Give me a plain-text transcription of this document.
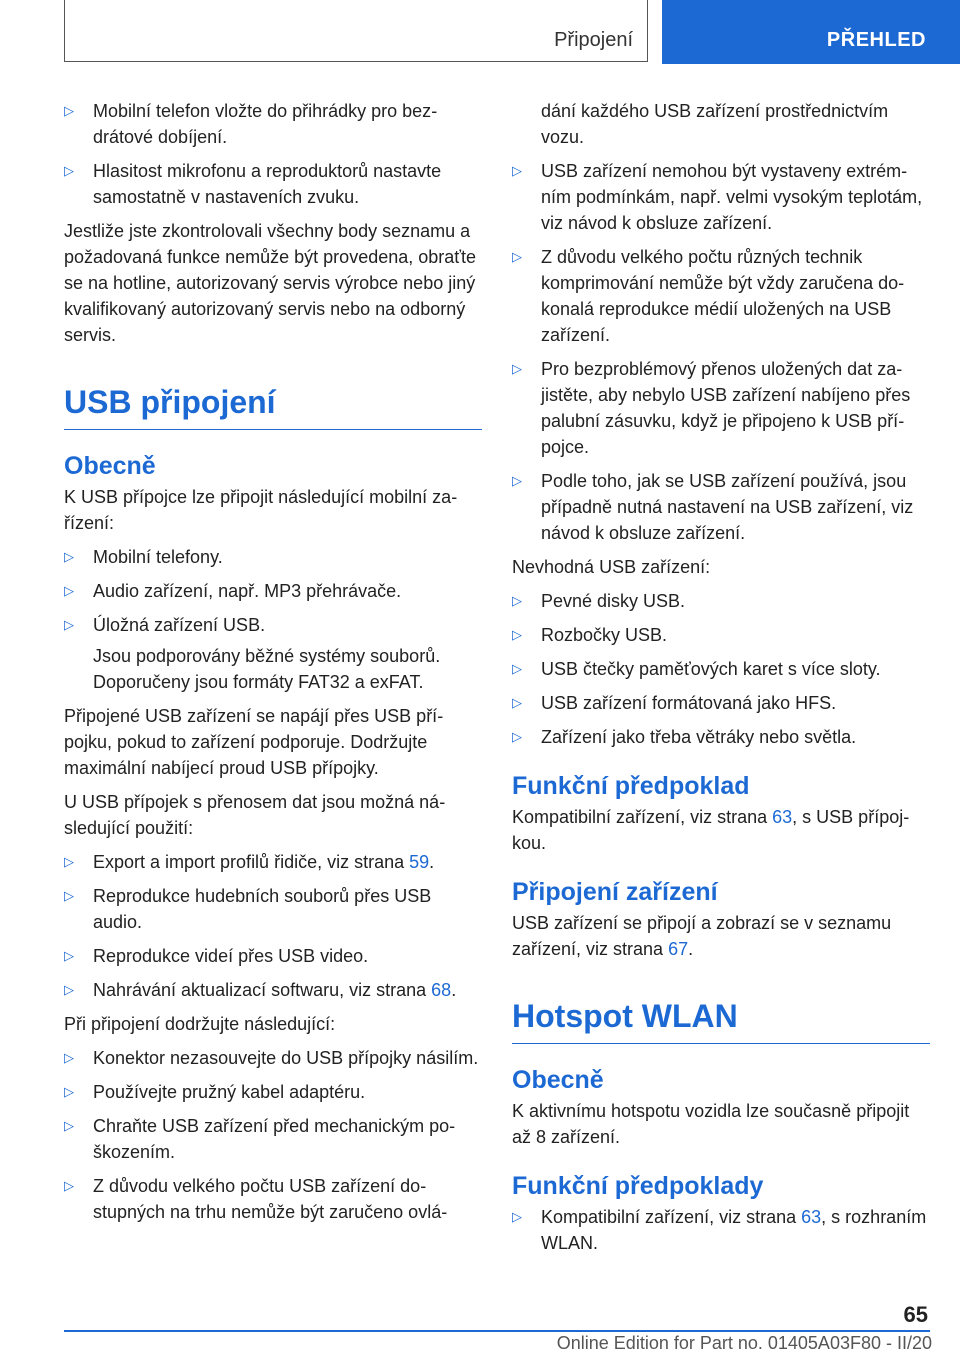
Připojení	PŘEHLED
▷ Mobilní telefon vložte do přihrádky pro bezdrátové dobíjení.
▷ Hlasitost mikrofonu a reproduktorů nastavte samostatně v nastaveních zvuku.

Jestliže jste zkontrolovali všechny body seznamu a požadovaná funkce nemůže být provedena, obraťte se na hotline, autorizovaný servis výrobce nebo jiný kvalifikovaný autorizovaný servis nebo na odborný servis.

USB připojení
Obecně

K USB přípojce lze připojit následující mobilní zařízení:

▷ Mobilní telefony.
▷ Audio zařízení, např. MP3 přehrávače.
▷ Úložná zařízení USB.
Jsou podporovány běžné systémy souborů. Doporučeny jsou formáty FAT32 a exFAT.

Připojené USB zařízení se napájí přes USB přípojku, pokud to zařízení podporuje. Dodržujte maximální nabíjecí proud USB přípojky.

U USB přípojek s přenosem dat jsou možná následující použití:

▷ Export a import profilů řidiče, viz strana 59.
▷ Reprodukce hudebních souborů přes USB audio.
▷ Reprodukce videí přes USB video.
▷ Nahrávání aktualizací softwaru, viz strana 68.

Při připojení dodržujte následující:

▷ Konektor nezasouvejte do USB přípojky násilím.
▷ Používejte pružný kabel adaptéru.
▷ Chraňte USB zařízení před mechanickým poškozením.
▷ Z důvodu velkého počtu USB zařízení dostupných na trhu nemůže být zaručeno ovlá-
dání každého USB zařízení prostřednictvím vozu.
▷ USB zařízení nemohou být vystaveny extrémním podmínkám, např. velmi vysokým teplotám, viz návod k obsluze zařízení.
▷ Z důvodu velkého počtu různých technik komprimování nemůže být vždy zaručena dokonalá reprodukce médií uložených na USB zařízení.
▷ Pro bezproblémový přenos uložených dat zajistěte, aby nebylo USB zařízení nabíjeno přes palubní zásuvku, když je připojeno k USB přípojce.
▷ Podle toho, jak se USB zařízení používá, jsou případně nutná nastavení na USB zařízení, viz návod k obsluze zařízení.

Nevhodná USB zařízení:

▷ Pevné disky USB.
▷ Rozbočky USB.
▷ USB čtečky paměťových karet s více sloty.
▷ USB zařízení formátovaná jako HFS.
▷ Zařízení jako třeba větráky nebo světla.
Funkční předpoklad

Kompatibilní zařízení, viz strana 63, s USB přípojkou.

Připojení zařízení

USB zařízení se připojí a zobrazí se v seznamu zařízení, viz strana 67.

Hotspot WLAN
Obecně

K aktivnímu hotspotu vozidla lze současně připojit až 8 zařízení.

Funkční předpoklady
▷ Kompatibilní zařízení, viz strana 63, s rozhraním WLAN.
65
Online Edition for Part no. 01405A03F80 - II/20
